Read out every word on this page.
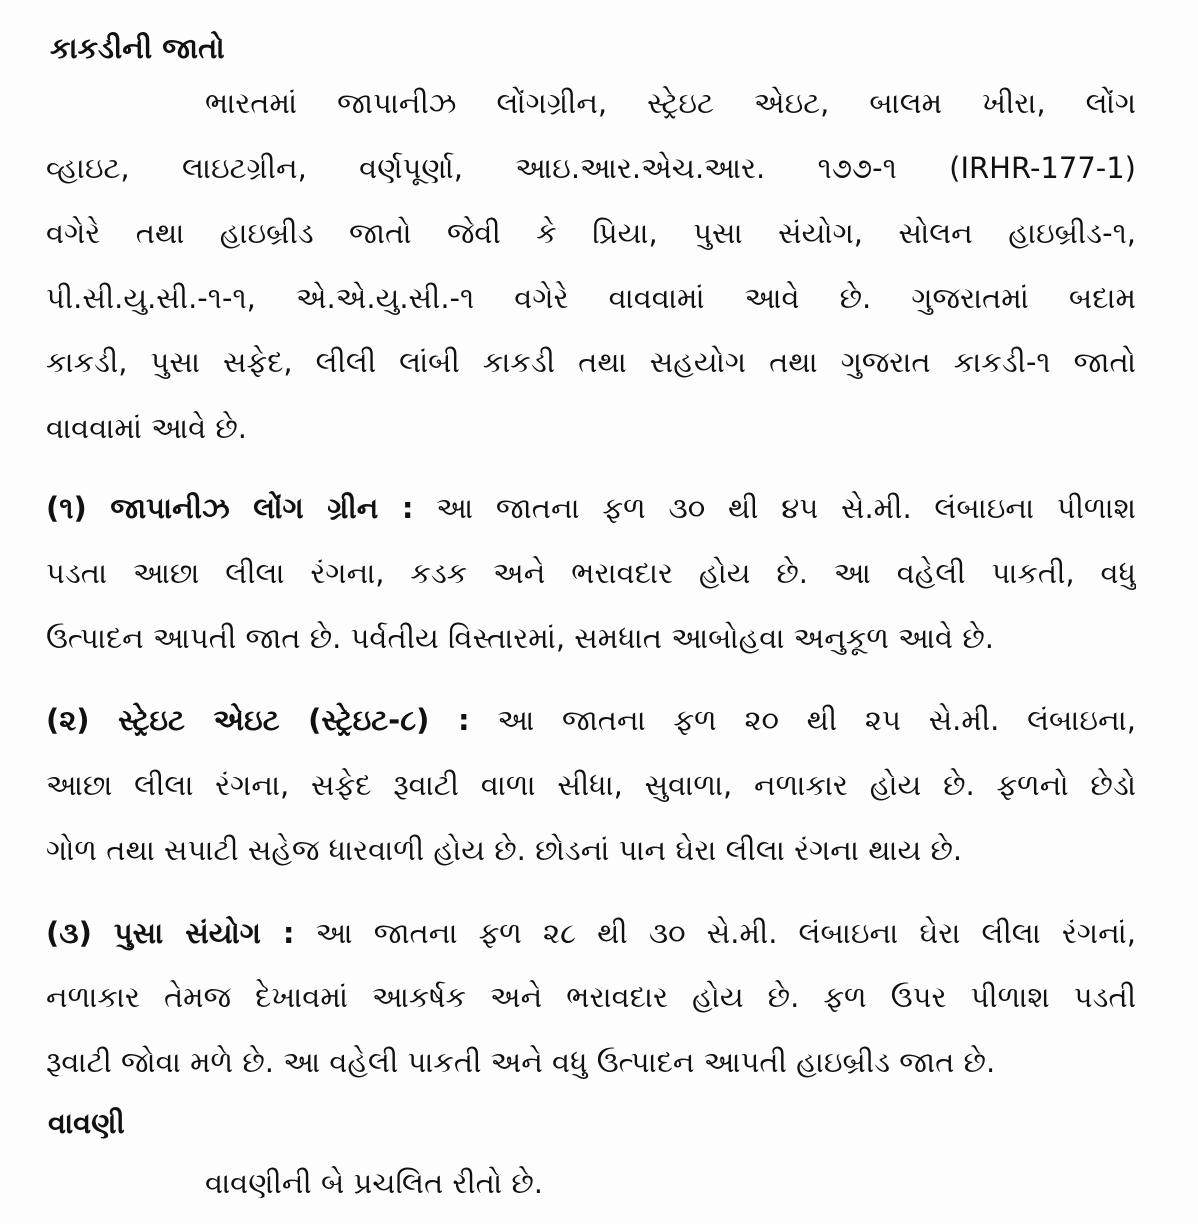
કાકડીની જાતો
ભારતમાં જાપાનીઝ લોંગગ્રીન, સ્ટ્રેઇટ એઇટ, બાલમ ખીરા, લોંગ
વ્હાઇટ, લાઇટગ્રીન, વર્ણપૂર્ણા, આઇ.આર.એચ.આર. ૧૭૭-૧ (IRHR-177-1)
વગેરે તથા હાઇબ્રીડ જાતો જેવી કે પ્રિયા, પુસા સંયોગ, સોલન હાઇબ્રીડ-૧,
પી.સી.યુ.સી.-૧-૧, એ.એ.યુ.સી.-૧ વગેરે વાવવામાં આવે છે. ગુજરાતમાં બદામ
કાકડી, પુસા સફેદ, લીલી લાંબી કાકડી તથા સહયોગ તથા ગુજરાત કાકડી-૧ જાતો
વાવવામાં આવે છે.
(૧) જાપાનીઝ લોંગ ગ્રીન : આ જાતના ફળ ૩૦ થી ૪૫ સે.મી. લંબાઇના પીળાશ
પડતા આછા લીલા રંગના, કડક અને ભરાવદાર હોય છે. આ વહેલી પાકતી, વધુ
ઉત્પાદન આપતી જાત છે. પર્વતીય વિસ્તારમાં, સમધાત આબોહવા અનુકૂળ આવે છે.
(૨) સ્ટ્રેઇટ એઇટ (સ્ટ્રેઇટ-૮) : આ જાતના ફળ ૨૦ થી ૨૫ સે.મી. લંબાઇના,
આછા લીલા રંગના, સફેદ રૂવાટી વાળા સીધા, સુવાળા, નળાકાર હોય છે. ફળનો છેડો
ગોળ તથા સપાટી સહેજ ધારવાળી હોય છે. છોડનાં પાન ઘેરા લીલા રંગના થાય છે.
(૩) પુસા સંયોગ : આ જાતના ફળ ૨૮ થી ૩૦ સે.મી. લંબાઇના ઘેરા લીલા રંગનાં,
નળાકાર તેમજ દેખાવમાં આકર્ષક અને ભરાવદાર હોય છે. ફળ ઉપર પીળાશ પડતી
રૂવાટી જોવા મળે છે. આ વહેલી પાકતી અને વધુ ઉત્પાદન આપતી હાઇબ્રીડ જાત છે.
વાવણી
વાવણીની બે પ્રચલિત રીતો છે.
